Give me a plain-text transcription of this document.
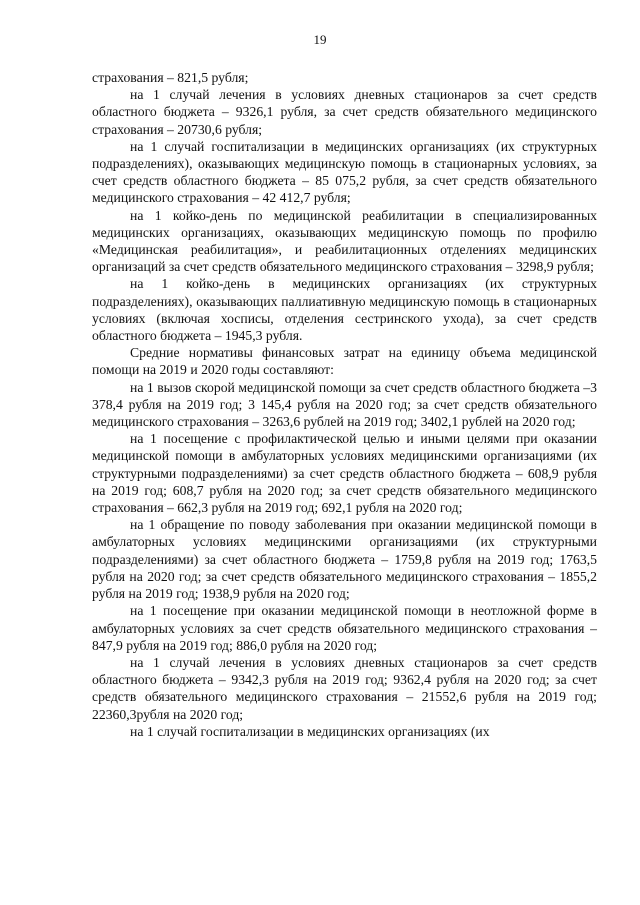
19

страхования – 821,5 рубля;

на 1 случай лечения в условиях дневных стационаров за счет средств областного бюджета – 9326,1 рубля, за счет средств обязательного медицинского страхования – 20730,6 рубля;

на 1 случай госпитализации в медицинских организациях (их структурных подразделениях), оказывающих медицинскую помощь в стационарных условиях, за счет средств областного бюджета – 85 075,2 рубля, за счет средств обязательного медицинского страхования – 42 412,7 рубля;

на 1 койко-день по медицинской реабилитации в специализированных медицинских организациях, оказывающих медицинскую помощь по профилю «Медицинская реабилитация», и реабилитационных отделениях медицинских организаций за счет средств обязательного медицинского страхования – 3298,9 рубля;

на 1 койко-день в медицинских организациях (их структурных подразделениях), оказывающих паллиативную медицинскую помощь в стационарных условиях (включая хосписы, отделения сестринского ухода), за счет средств областного бюджета – 1945,3 рубля.

Средние нормативы финансовых затрат на единицу объема медицинской помощи на 2019 и 2020 годы составляют:

на 1 вызов скорой медицинской помощи за счет средств областного бюджета –3 378,4 рубля на 2019 год; 3 145,4 рубля на 2020 год; за счет средств обязательного медицинского страхования – 3263,6 рублей на 2019 год; 3402,1 рублей на 2020 год;

на 1 посещение с профилактической целью и иными целями при оказании медицинской помощи в амбулаторных условиях медицинскими организациями (их структурными подразделениями) за счет средств областного бюджета – 608,9 рубля на 2019 год; 608,7 рубля на 2020 год; за счет средств обязательного медицинского страхования – 662,3 рубля на 2019 год; 692,1 рубля на 2020 год;

на 1 обращение по поводу заболевания при оказании медицинской помощи в амбулаторных условиях медицинскими организациями (их структурными подразделениями) за счет областного бюджета – 1759,8 рубля на 2019 год; 1763,5 рубля на 2020 год; за счет средств обязательного медицинского страхования – 1855,2 рубля на 2019 год; 1938,9 рубля на 2020 год;

на 1 посещение при оказании медицинской помощи в неотложной форме в амбулаторных условиях за счет средств обязательного медицинского страхования – 847,9 рубля на 2019 год; 886,0 рубля на 2020 год;

на 1 случай лечения в условиях дневных стационаров за счет средств областного бюджета – 9342,3 рубля на 2019 год; 9362,4 рубля на 2020 год; за счет средств обязательного медицинского страхования – 21552,6 рубля на 2019 год; 22360,3рубля на 2020 год;

на 1 случай госпитализации в медицинских организациях (их
